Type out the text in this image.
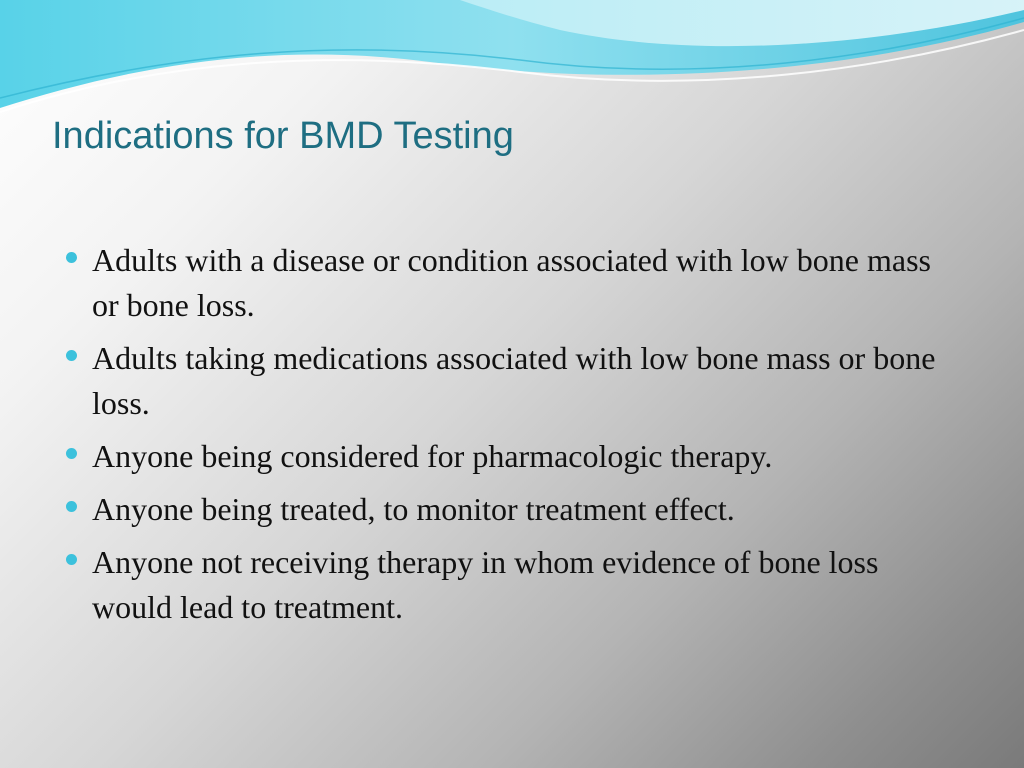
Indications for BMD Testing
Adults with a disease or condition associated with low bone mass or bone loss.
Adults taking medications associated with low bone mass or bone loss.
Anyone being considered for pharmacologic therapy.
Anyone being treated, to monitor treatment effect.
Anyone not receiving therapy in whom evidence of bone loss would lead to treatment.
